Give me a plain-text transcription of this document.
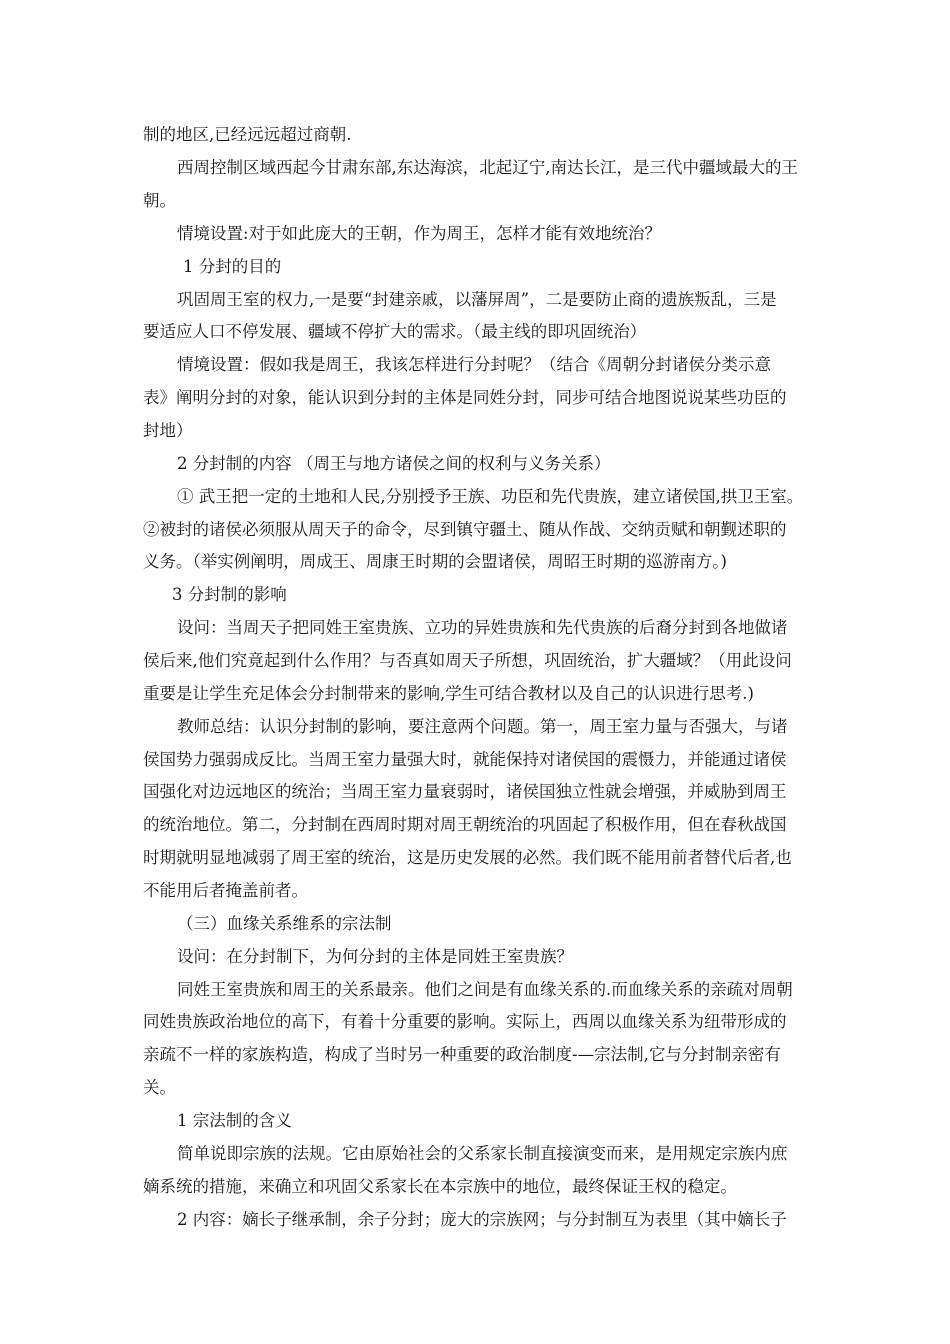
制的地区,已经远远超过商朝.
西周控制区域西起今甘肃东部,东达海滨，北起辽宁,南达长江，是三代中疆域最大的王
朝。
情境设置:对于如此庞大的王朝，作为周王，怎样才能有效地统治？
1 分封的目的
巩固周王室的权力,一是要“封建亲戚，以藩屏周”，二是要防止商的遗族叛乱，三是
要适应人口不停发展、疆域不停扩大的需求。（最主线的即巩固统治）
情境设置：假如我是周王，我该怎样进行分封呢？（结合《周朝分封诸侯分类示意
表》阐明分封的对象，能认识到分封的主体是同姓分封，同步可结合地图说说某些功臣的
封地）
2 分封制的内容 （周王与地方诸侯之间的权利与义务关系）
① 武王把一定的土地和人民,分别授予王族、功臣和先代贵族，建立诸侯国,拱卫王室。
②被封的诸侯必须服从周天子的命令，尽到镇守疆土、随从作战、交纳贡赋和朝觐述职的
义务。（举实例阐明，周成王、周康王时期的会盟诸侯，周昭王时期的巡游南方。)
3 分封制的影响
设问：当周天子把同姓王室贵族、立功的异姓贵族和先代贵族的后裔分封到各地做诸
侯后来,他们究竟起到什么作用？与否真如周天子所想，巩固统治，扩大疆域？（用此设问
重要是让学生充足体会分封制带来的影响,学生可结合教材以及自己的认识进行思考.)
教师总结：认识分封制的影响，要注意两个问题。第一，周王室力量与否强大，与诸
侯国势力强弱成反比。当周王室力量强大时，就能保持对诸侯国的震慑力，并能通过诸侯
国强化对边远地区的统治；当周王室力量衰弱时，诸侯国独立性就会增强，并威胁到周王
的统治地位。第二，分封制在西周时期对周王朝统治的巩固起了积极作用，但在春秋战国
时期就明显地减弱了周王室的统治，这是历史发展的必然。我们既不能用前者替代后者,也
不能用后者掩盖前者。
（三）血缘关系维系的宗法制
设问：在分封制下，为何分封的主体是同姓王室贵族？
同姓王室贵族和周王的关系最亲。他们之间是有血缘关系的.而血缘关系的亲疏对周朝
同姓贵族政治地位的高下，有着十分重要的影响。实际上，西周以血缘关系为纽带形成的
亲疏不一样的家族构造，构成了当时另一种重要的政治制度-—宗法制,它与分封制亲密有
关。
1 宗法制的含义
简单说即宗族的法规。它由原始社会的父系家长制直接演变而来，是用规定宗族内庶
嫡系统的措施，来确立和巩固父系家长在本宗族中的地位，最终保证王权的稳定。
2 内容：嫡长子继承制，余子分封；庞大的宗族网；与分封制互为表里（其中嫡长子
